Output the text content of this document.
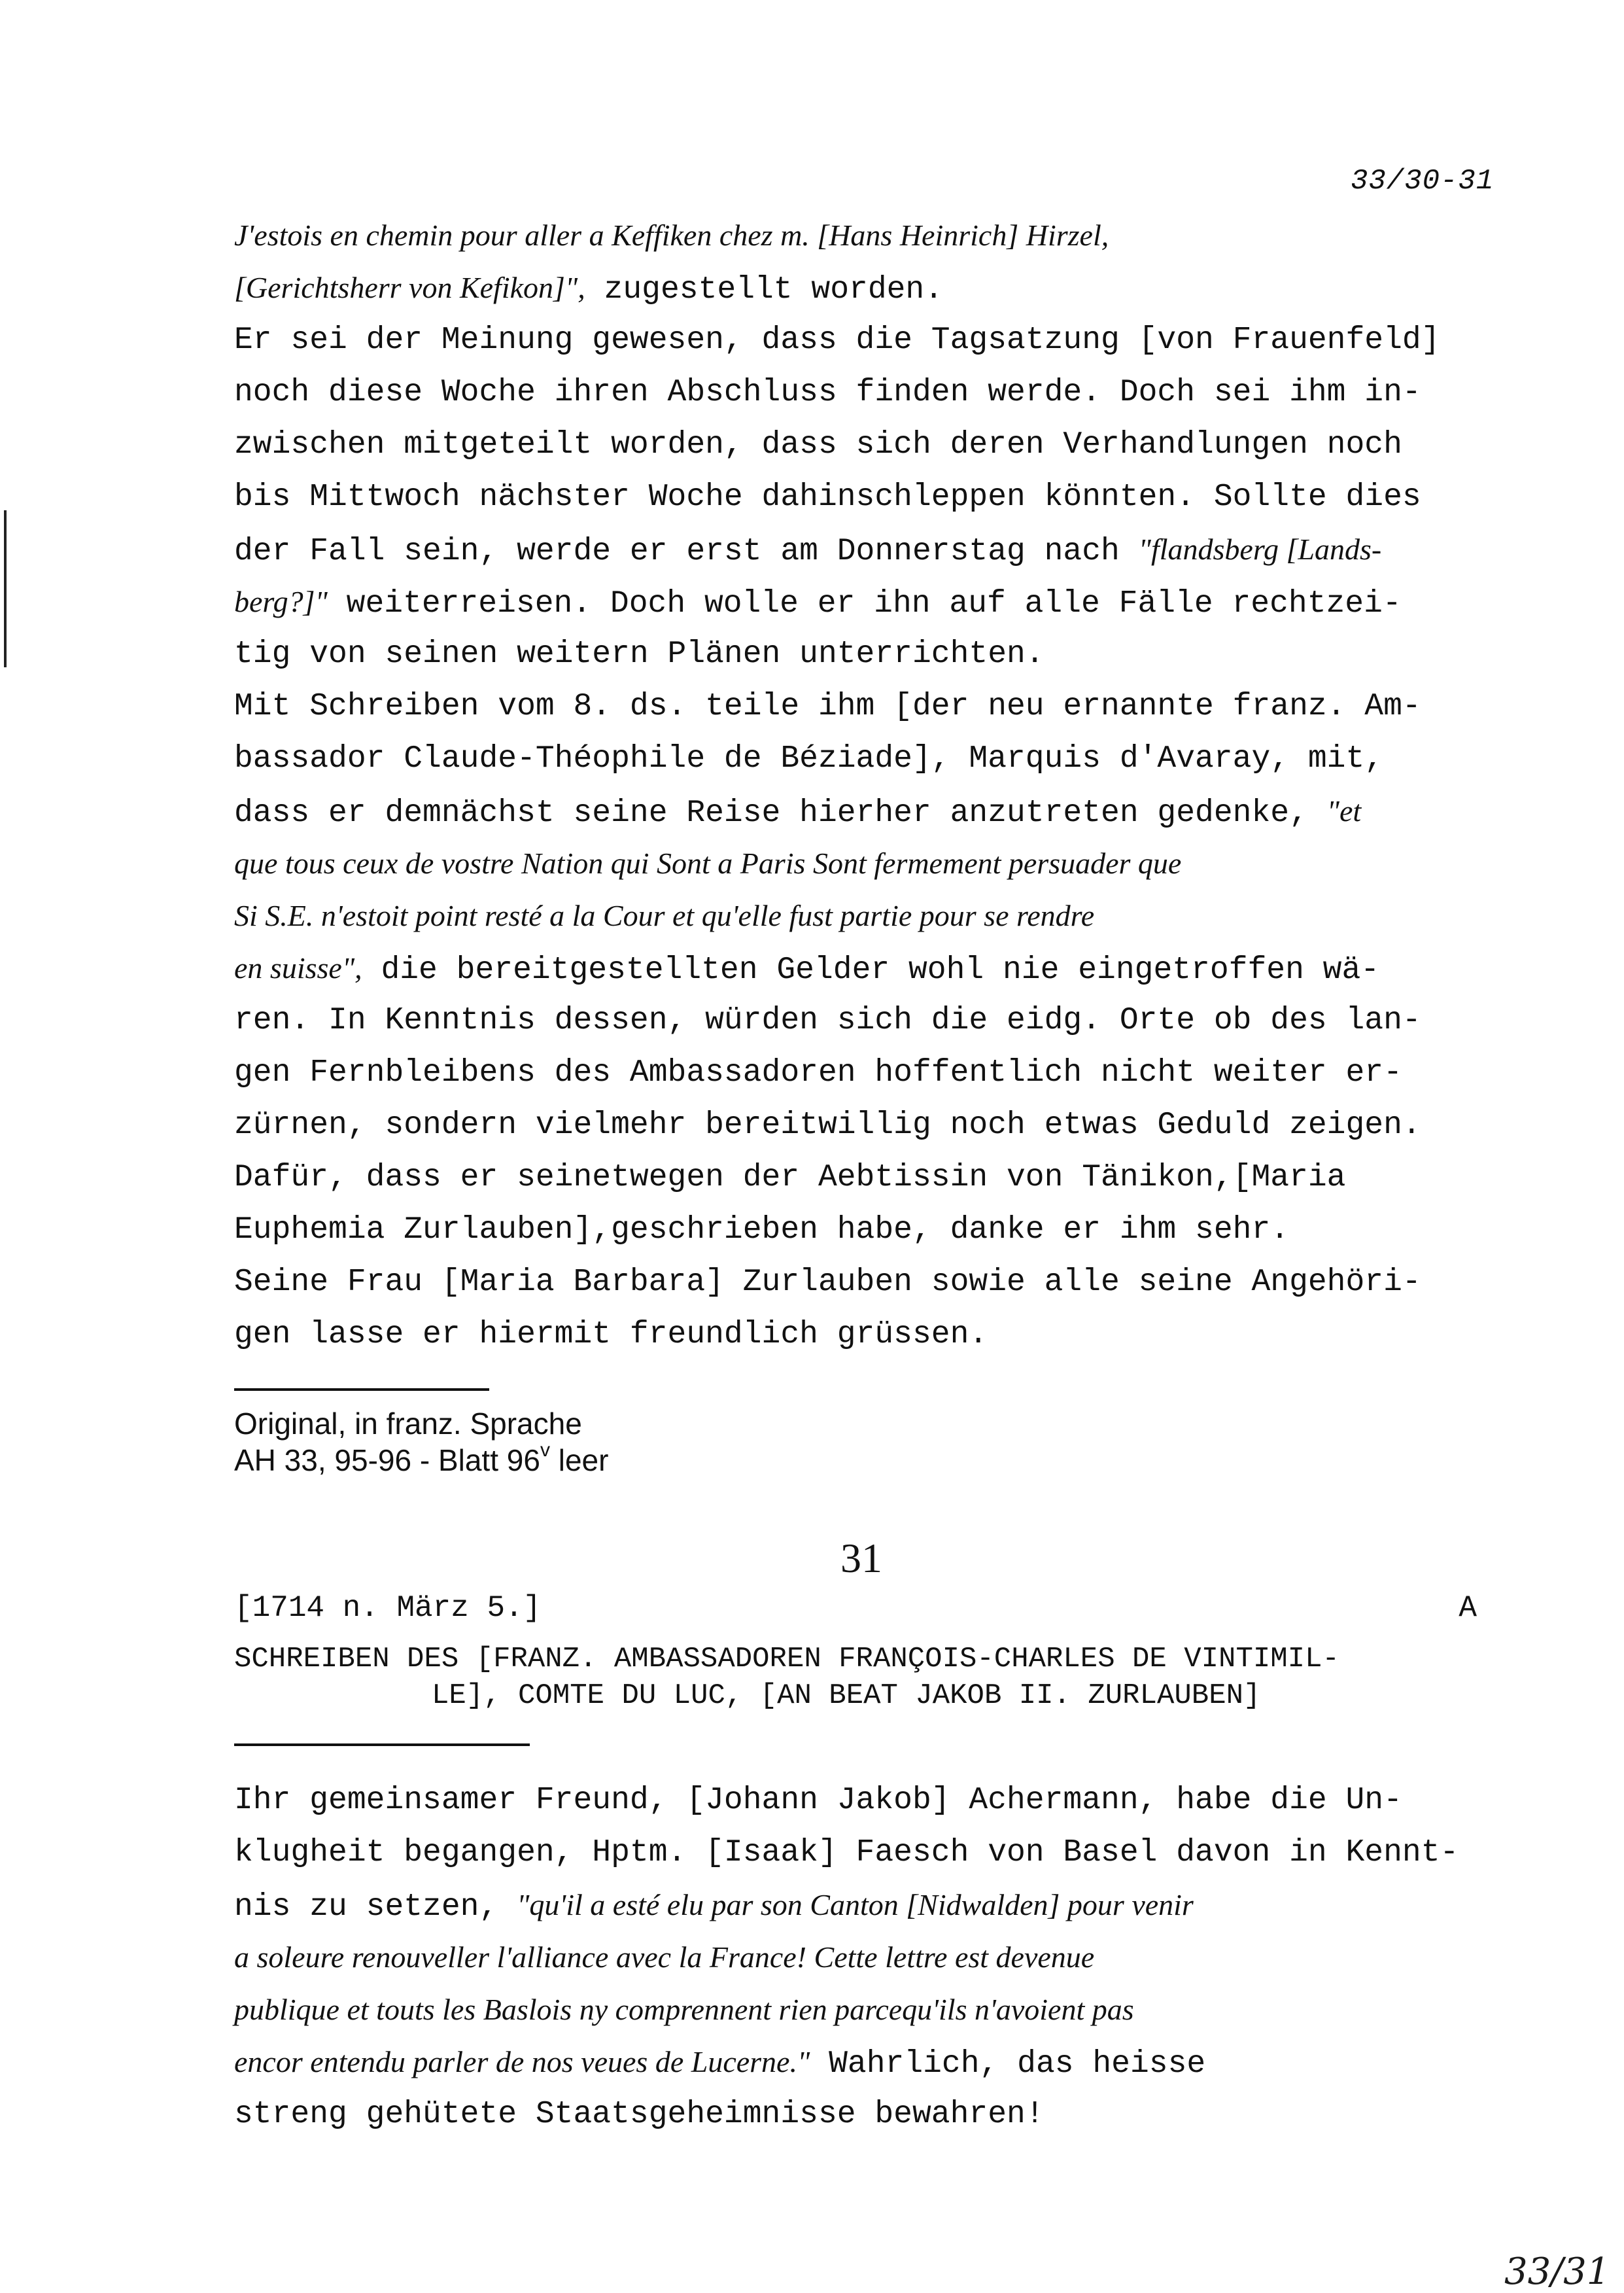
33/30-31
J'estois en chemin pour aller a Keffiken chez m. [Hans Heinrich] Hirzel,
[Gerichtsherr von Kefikon]", zugestellt worden.
Er sei der Meinung gewesen, dass die Tagsatzung [von Frauenfeld]
noch diese Woche ihren Abschluss finden werde. Doch sei ihm in-
zwischen mitgeteilt worden, dass sich deren Verhandlungen noch
bis Mittwoch nächster Woche dahinschleppen könnten. Sollte dies
der Fall sein, werde er erst am Donnerstag nach "flandsberg [Lands-
berg?]" weiterreisen. Doch wolle er ihn auf alle Fälle rechtzei-
tig von seinen weitern Plänen unterrichten.
Mit Schreiben vom 8. ds. teile ihm [der neu ernannte franz. Am-
bassador Claude-Théophile de Béziade], Marquis d'Avaray, mit,
dass er demnächst seine Reise hierher anzutreten gedenke, "et
que tous ceux de vostre Nation qui Sont a Paris Sont fermement persuader que
Si S.E. n'estoit point resté a la Cour et qu'elle fust partie pour se rendre
en suisse", die bereitgestellten Gelder wohl nie eingetroffen wä-
ren. In Kenntnis dessen, würden sich die eidg. Orte ob des lan-
gen Fernbleibens des Ambassadoren hoffentlich nicht weiter er-
zürnen, sondern vielmehr bereitwillig noch etwas Geduld zeigen.
Dafür, dass er seinetwegen der Aebtissin von Tänikon,[Maria
Euphemia Zurlauben],geschrieben habe, danke er ihm sehr.
Seine Frau [Maria Barbara] Zurlauben sowie alle seine Angehöri-
gen lasse er hiermit freundlich grüssen.
Original, in franz. Sprache
AH 33, 95-96 - Blatt 96$^v$ leer
31
[1714 n. März 5.]	A
SCHREIBEN DES [FRANZ. AMBASSADOREN FRANÇOIS-CHARLES DE VINTIMIL-
LE], COMTE DU LUC, [AN BEAT JAKOB II. ZURLAUBEN]
Ihr gemeinsamer Freund, [Johann Jakob] Achermann, habe die Un-
klugheit begangen, Hptm. [Isaak] Faesch von Basel davon in Kennt-
nis zu setzen, "qu'il a esté elu par son Canton [Nidwalden] pour venir
a soleure renouveller l'alliance avec la France! Cette lettre est devenue
publique et touts les Baslois ny comprennent rien parcequ'ils n'avoient pas
encor entendu parler de nos veues de Lucerne." Wahrlich, das heisse
streng gehütete Staatsgeheimnisse bewahren!
33/31
